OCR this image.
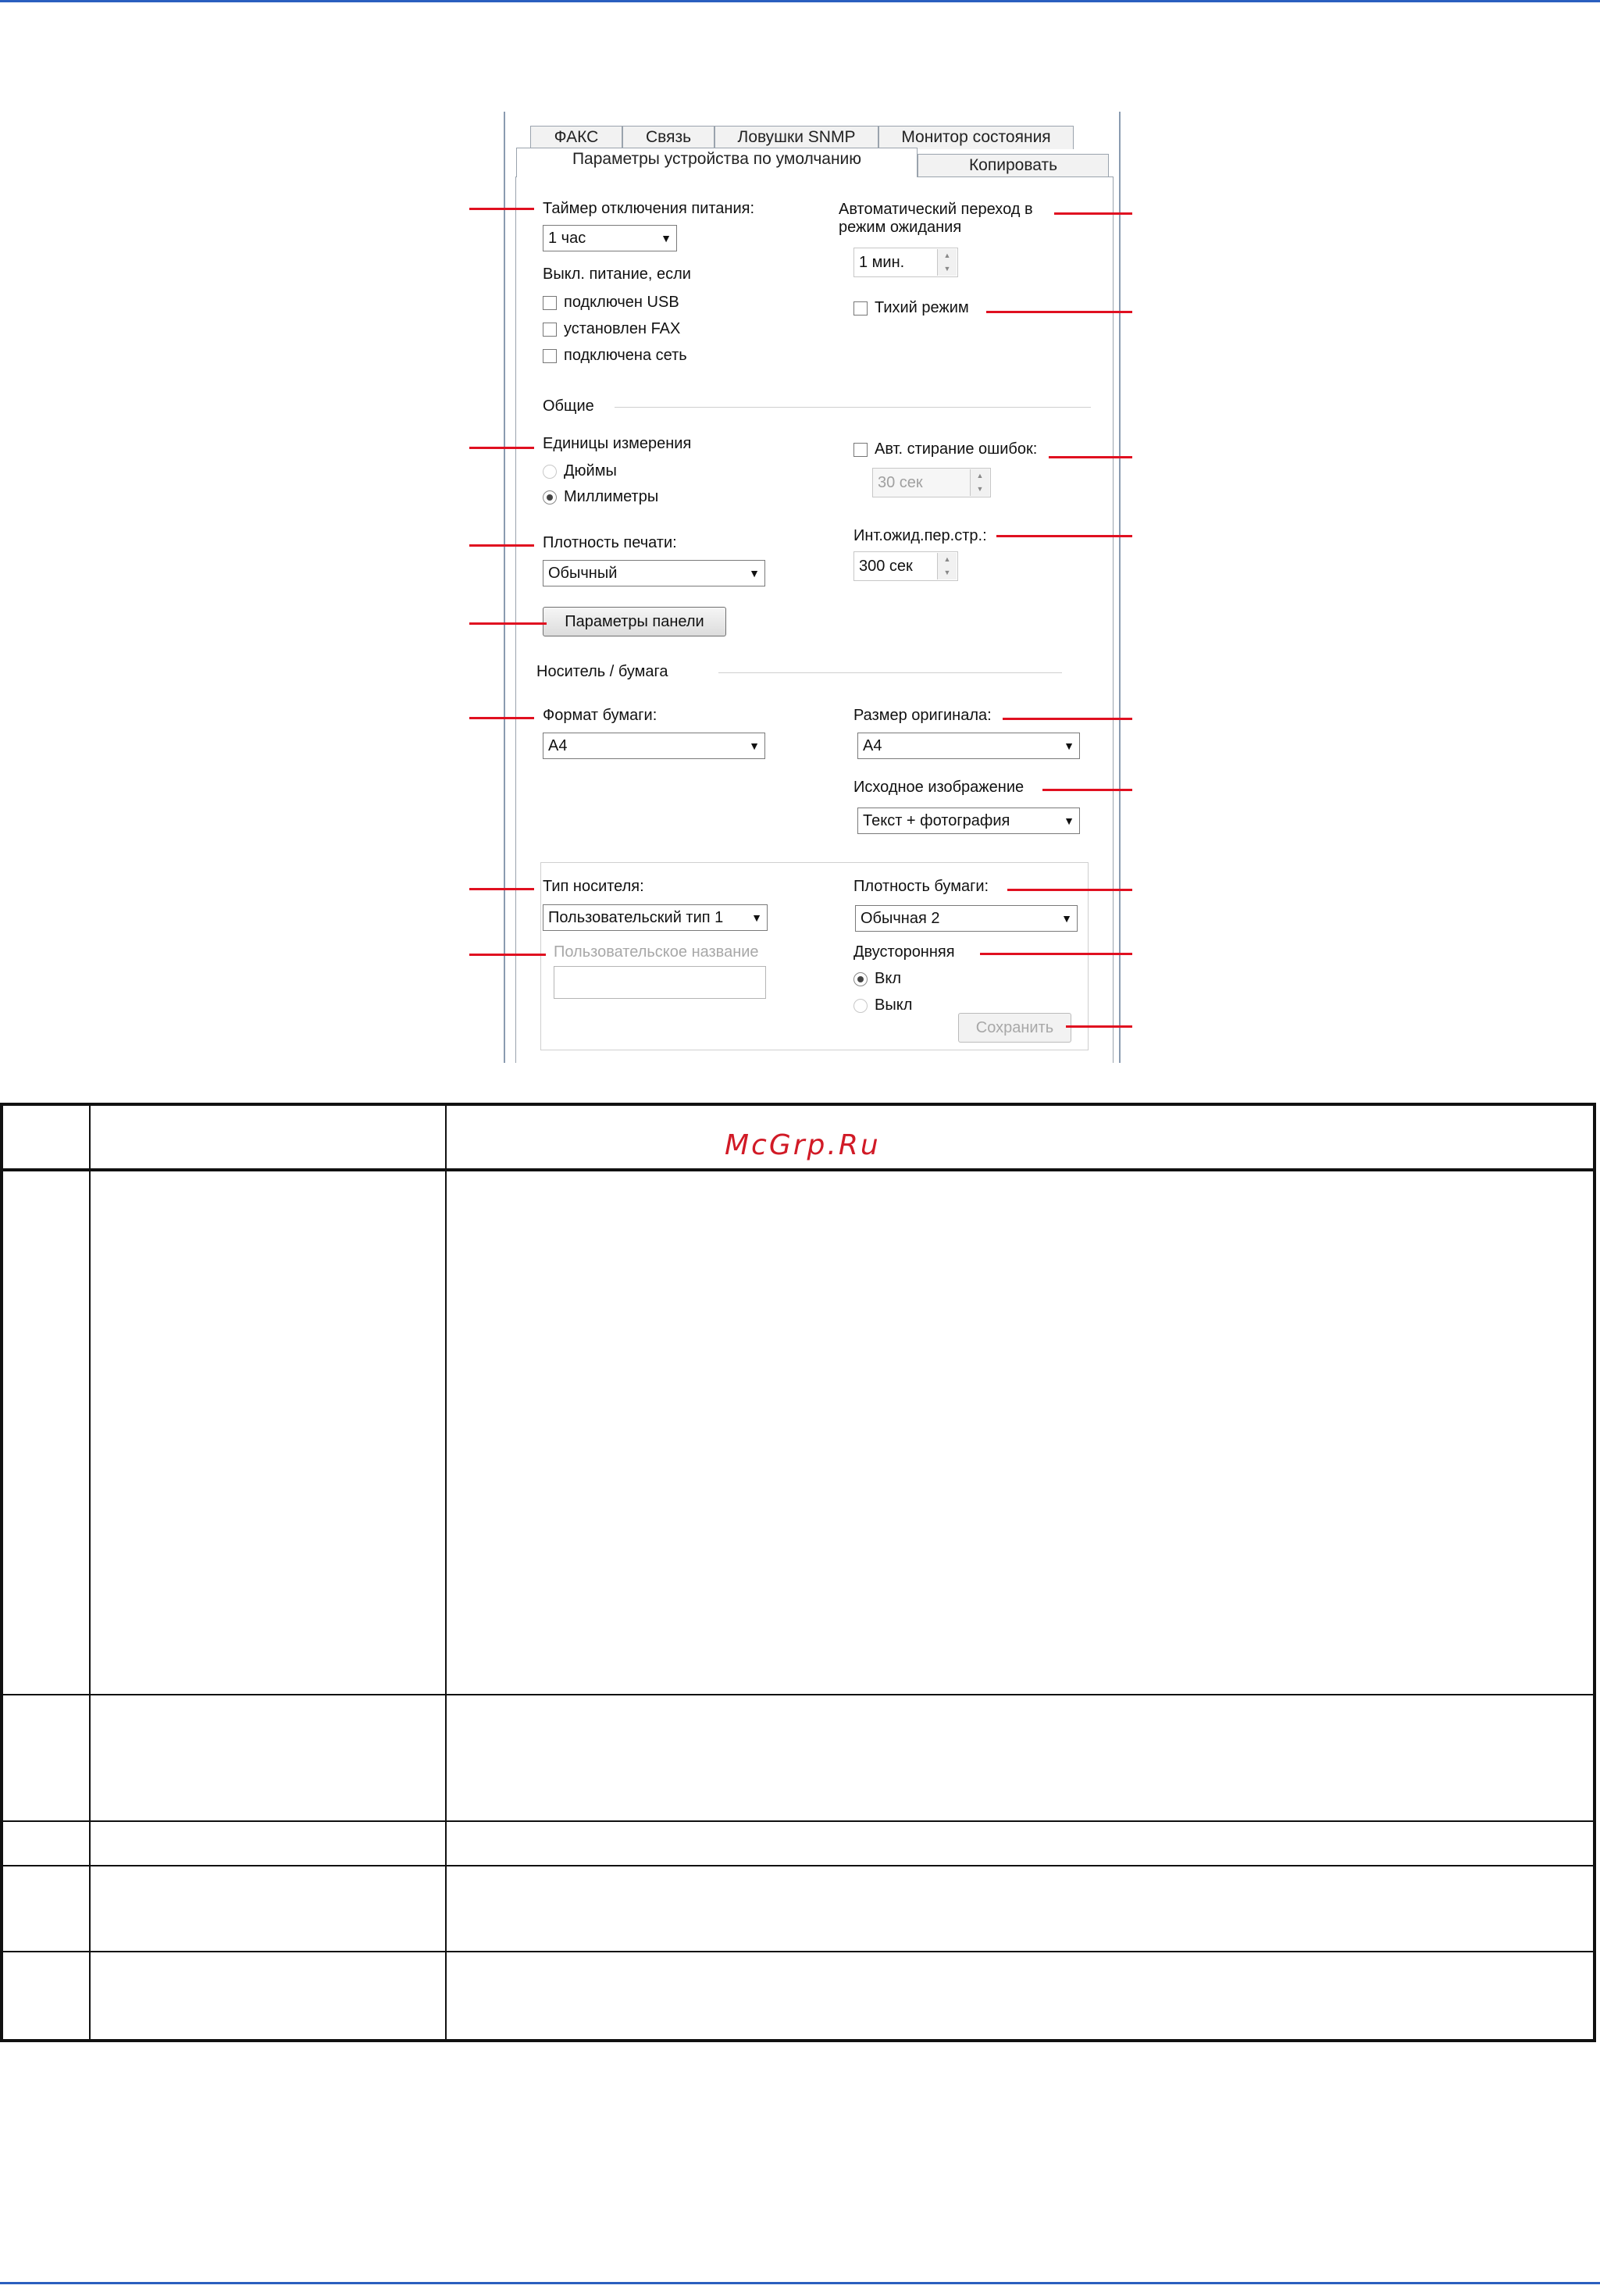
ФАКС	Связь	Ловушки SNMP	Монитор состояния
Параметры устройства по умолчанию	Копировать
Таймер отключения питания:
1 час	▼
Выкл. питание, если
подключен USB
установлен FAX
подключена сеть
Автоматический переход в
режим ожидания
1 мин.	▲
▼
Тихий режим
Общие
Единицы измерения
Дюймы
Миллиметры
Плотность печати:
Обычный	▼
Параметры панели
Авт. стирание ошибок:
30 сек	▲
▼
Инт.ожид.пер.стр.:
300 сек	▲
▼
Носитель / бумага
Формат бумаги:
A4	▼
Размер оригинала:
A4	▼
Исходное изображение
Текст + фотография	▼
Тип носителя:
Пользовательский тип 1	▼
Пользовательское название
Плотность бумаги:
Обычная 2	▼
Двусторонняя
Вкл
Выкл
Сохранить
McGrp.Ru
